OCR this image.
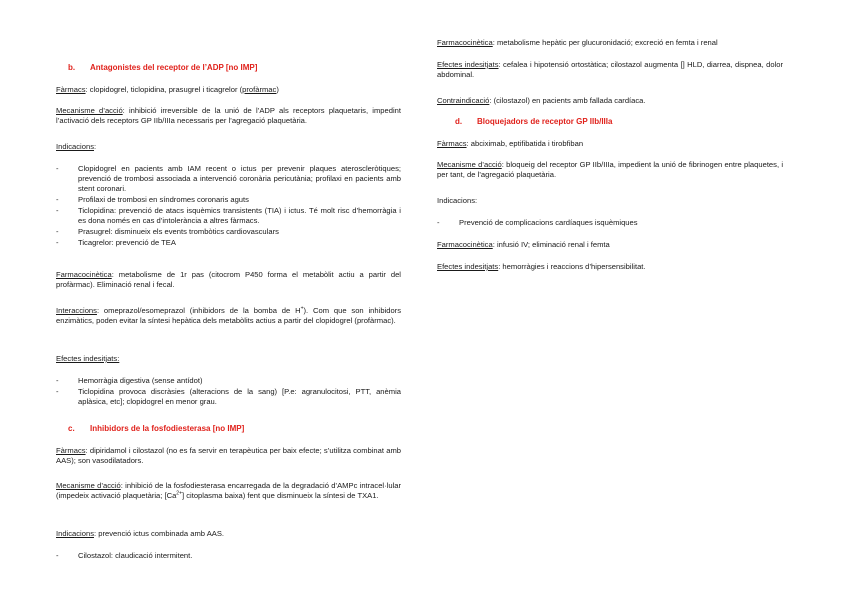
b. Antagonistes del receptor de l’ADP [no IMP]
Fàrmacs: clopidogrel, ticlopidina, prasugrel i ticagrelor (profàrmac)
Mecanisme d’acció: inhibició irreversible de la unió de l’ADP als receptors plaquetaris, impedint l’activació dels receptors GP IIb/IIIa necessaris per l’agregació plaquetària.
Indicacions:
-	Clopidogrel en pacients amb IAM recent o ictus per prevenir plaques ateroscleròtiques; prevenció de trombosi associada a intervenció coronària pericutània; profilaxi en pacients amb stent coronari.
-	Profilaxi de trombosi en síndromes coronaris aguts
-	Ticlopidina: prevenció de atacs isquèmics transistents (TIA) i ictus. Té molt risc d’hemorràgia i es dona només en cas d’intolerància a altres fàrmacs.
-	Prasugrel: disminueix els events trombòtics cardiovasculars
-	Ticagrelor: prevenció de TEA
Farmacocinètica: metabolisme de 1r pas (citocrom P450 forma el metabòlit actiu a partir del profàrmac). Eliminació renal i fecal.
Interaccions: omeprazol/esomeprazol (inhibidors de la bomba de H+). Com que son inhibidors enzimàtics, poden evitar la síntesi hepàtica dels metabòlits actius a partir del clopidogrel (profàrmac).
Efectes indesitjats:
-	Hemorràgia digestiva (sense antídot)
-	Ticlopidina provoca discràsies (alteracions de la sang) [P.e: agranulocitosi, PTT, anèmia aplàsica, etc]; clopidogrel en menor grau.
c. Inhibidors de la fosfodiesterasa [no IMP]
Fàrmacs: dipiridamol i cilostazol (no es fa servir en terapèutica per baix efecte; s’utilitza combinat amb AAS); son vasodilatadors.
Mecanisme d’acció: inhibició de la fosfodiesterasa encarregada de la degradació d’AMPc intracel·lular (impedeix activació plaquetària; $[Ca^{2+}]$ citoplasma baixa) fent que disminueix la síntesi de TXA1.
Indicacions: prevenció ictus combinada amb AAS.
-	Cilostazol: claudicació intermitent.
Farmacocinètica: metabolisme hepàtic per glucuronidació; excreció en femta i renal
Efectes indesitjats: cefalea i hipotensió ortostàtica; cilostazol augmenta [] HLD, diarrea, dispnea, dolor abdominal.
Contraindicació: (cilostazol) en pacients amb fallada cardíaca.
d. Bloquejadors de receptor GP IIb/IIIa
Fàrmacs: abciximab, eptifibatida i tirobfiban
Mecanisme d’acció: bloqueig del receptor GP IIb/IIIa, impedient la unió de fibrinogen entre plaquetes, i per tant, de l’agregació plaquetària.
Indicacions:
-	Prevenció de complicacions cardíaques isquèmiques
Farmacocinètica: infusió IV; eliminació renal i femta
Efectes indesitjats: hemorràgies i reaccions d’hipersensibilitat.
